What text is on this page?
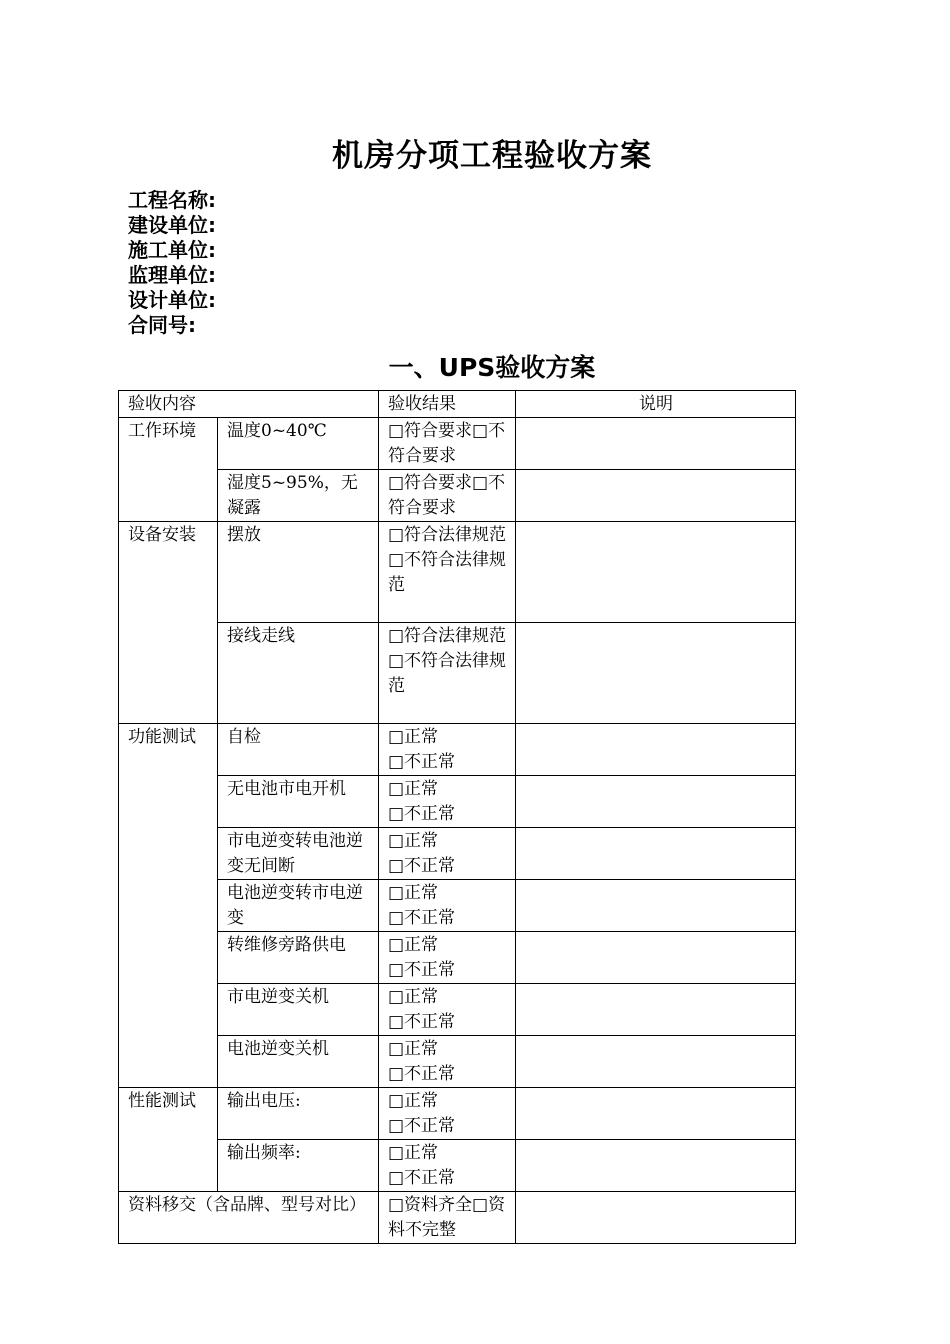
机房分项工程验收方案
工程名称:
建设单位:
施工单位:
监理单位:
设计单位:
合同号:
一、UPS验收方案
验收内容		验收结果	说明
工作环境	温度0~40℃	□符合要求□不符合要求	
	湿度5~95%，无凝露	□符合要求□不符合要求	
设备安装	摆放	□符合法律规范
□不符合法律规范	

	接线走线	□符合法律规范
□不符合法律规范	

功能测试	自检	□正常
□不正常	

	无电池市电开机	□正常
□不正常	

	市电逆变转电池逆变无间断	□正常
□不正常	

	电池逆变转市电逆变	□正常
□不正常	

	转维修旁路供电	□正常
□不正常	

	市电逆变关机	□正常
□不正常	

	电池逆变关机	□正常
□不正常	

性能测试	输出电压:	□正常
□不正常	

	输出频率:	□正常
□不正常	

资料移交（含品牌、型号对比）		□资料齐全□资料不完整	
